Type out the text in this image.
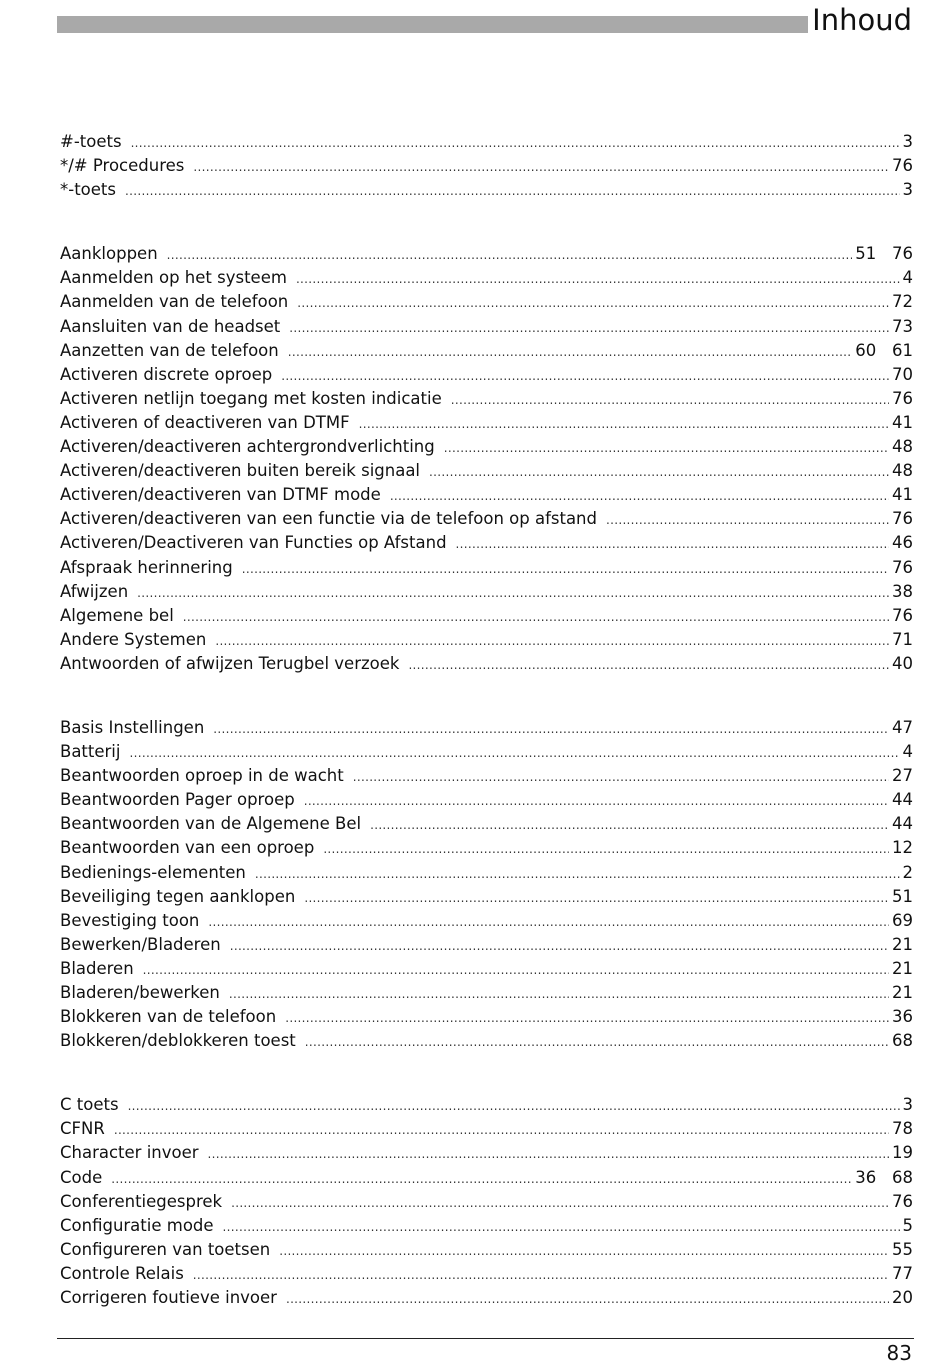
Inhoud
#-toets .....	3
*/# Procedures .....	76
*-toets .....	3
Aankloppen .....	51   76
Aanmelden op het systeem .....	4
Aanmelden van de telefoon .....	72
Aansluiten van de headset .....	73
Aanzetten van de telefoon .....	60   61
Activeren discrete oproep .....	70
Activeren netlijn toegang met kosten indicatie .....	76
Activeren of deactiveren van DTMF .....	41
Activeren/deactiveren achtergrondverlichting .....	48
Activeren/deactiveren buiten bereik signaal .....	48
Activeren/deactiveren van DTMF mode .....	41
Activeren/deactiveren van een functie via de telefoon op afstand .....	76
Activeren/Deactiveren van Functies op Afstand .....	46
Afspraak herinnering .....	76
Afwijzen .....	38
Algemene bel .....	76
Andere Systemen .....	71
Antwoorden of afwijzen Terugbel verzoek .....	40
Basis Instellingen .....	47
Batterij .....	4
Beantwoorden oproep in de wacht .....	27
Beantwoorden Pager oproep .....	44
Beantwoorden van de Algemene Bel .....	44
Beantwoorden van een oproep .....	12
Bedienings-elementen .....	2
Beveiliging tegen aanklopen .....	51
Bevestiging toon .....	69
Bewerken/Bladeren .....	21
Bladeren .....	21
Bladeren/bewerken .....	21
Blokkeren van de telefoon .....	36
Blokkeren/deblokkeren toest .....	68
C toets .....	3
CFNR .....	78
Character invoer .....	19
Code .....	36   68
Conferentiegesprek .....	76
Configuratie mode .....	5
Configureren van toetsen .....	55
Controle Relais .....	77
Corrigeren foutieve invoer .....	20
83
